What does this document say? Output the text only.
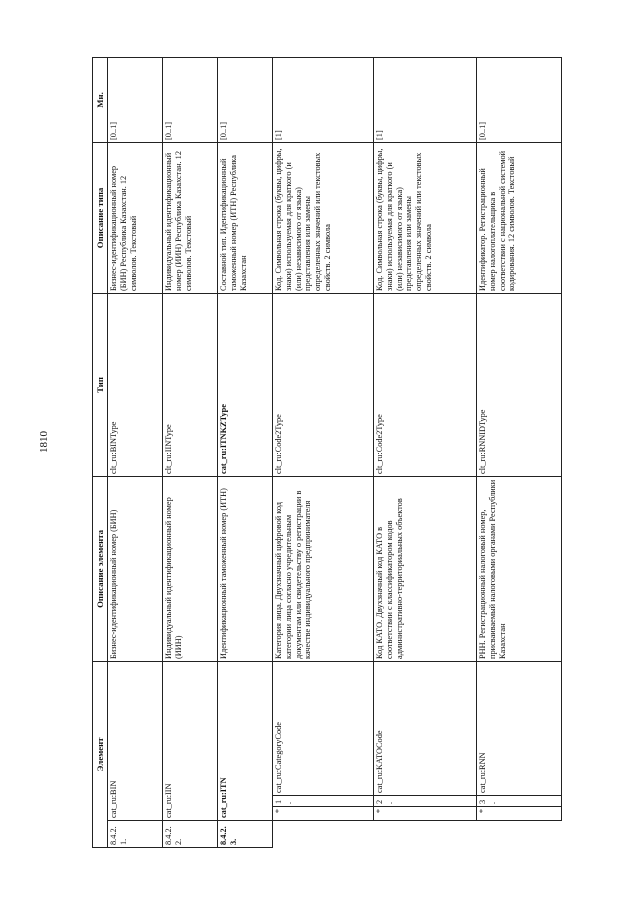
1810
Элемент				Описание элемента	Тип	Описание типа	Мн.
8.4.2.1.	cat_ru:BIN			Бизнес-идентификационный номер (БИН)	clt_ru:BINType	Бизнес-идентификационный номер (БИН) Республика Казахстан. 12 символов. Текстовый	[0..1]
8.4.2.2.	cat_ru:IIN			Индивидуальный идентификационный номер (ИИН)	clt_ru:IINType	Индивидуальный идентификационный номер (ИИН) Республика Казахстан. 12 символов. Текстовый	[0..1]
8.4.2.3.	cat_ru:ITN			Идентификационный таможенный номер (ИТН)	cat_ru:ITNKZType	Составной тип. Идентификационный таможенный номер (ИТН) Республика Казахстан	[0..1]
	*	1.	cat_ru:CategoryCode	Категория лица. Двухзначный цифровой код категории лица согласно учредительным документам или свидетельству о регистрации в качестве индивидуального предпринимателя	clt_ru:Code2Type	Код. Символьная строка (буквы, цифры, знаки) используемая для краткого (и (или) независимого от языка) представления или замены определенных значений или текстовых свойств. 2 символа	[1]
	*	2.	cat_ru:KATOCode	Код КАТО. Двухзначный код КАТО в соответствии с классификатором кодов административно-территориальных объектов	clt_ru:Code2Type	Код. Символьная строка (буквы, цифры, знаки) используемая для краткого (и (или) независимого от языка) представления или замены определенных значений или текстовых свойств. 2 символа	[1]
	*	3.	cat_ru:RNN	РНН. Регистрационный налоговый номер, присваиваемый налоговыми органами Республики Казахстан	clt_ru:RNNIDType	Идентификатор. Регистрационный номер налогоплательщика в соответствии с национальной системой кодирования. 12 символов. Текстовый	[0..1]
